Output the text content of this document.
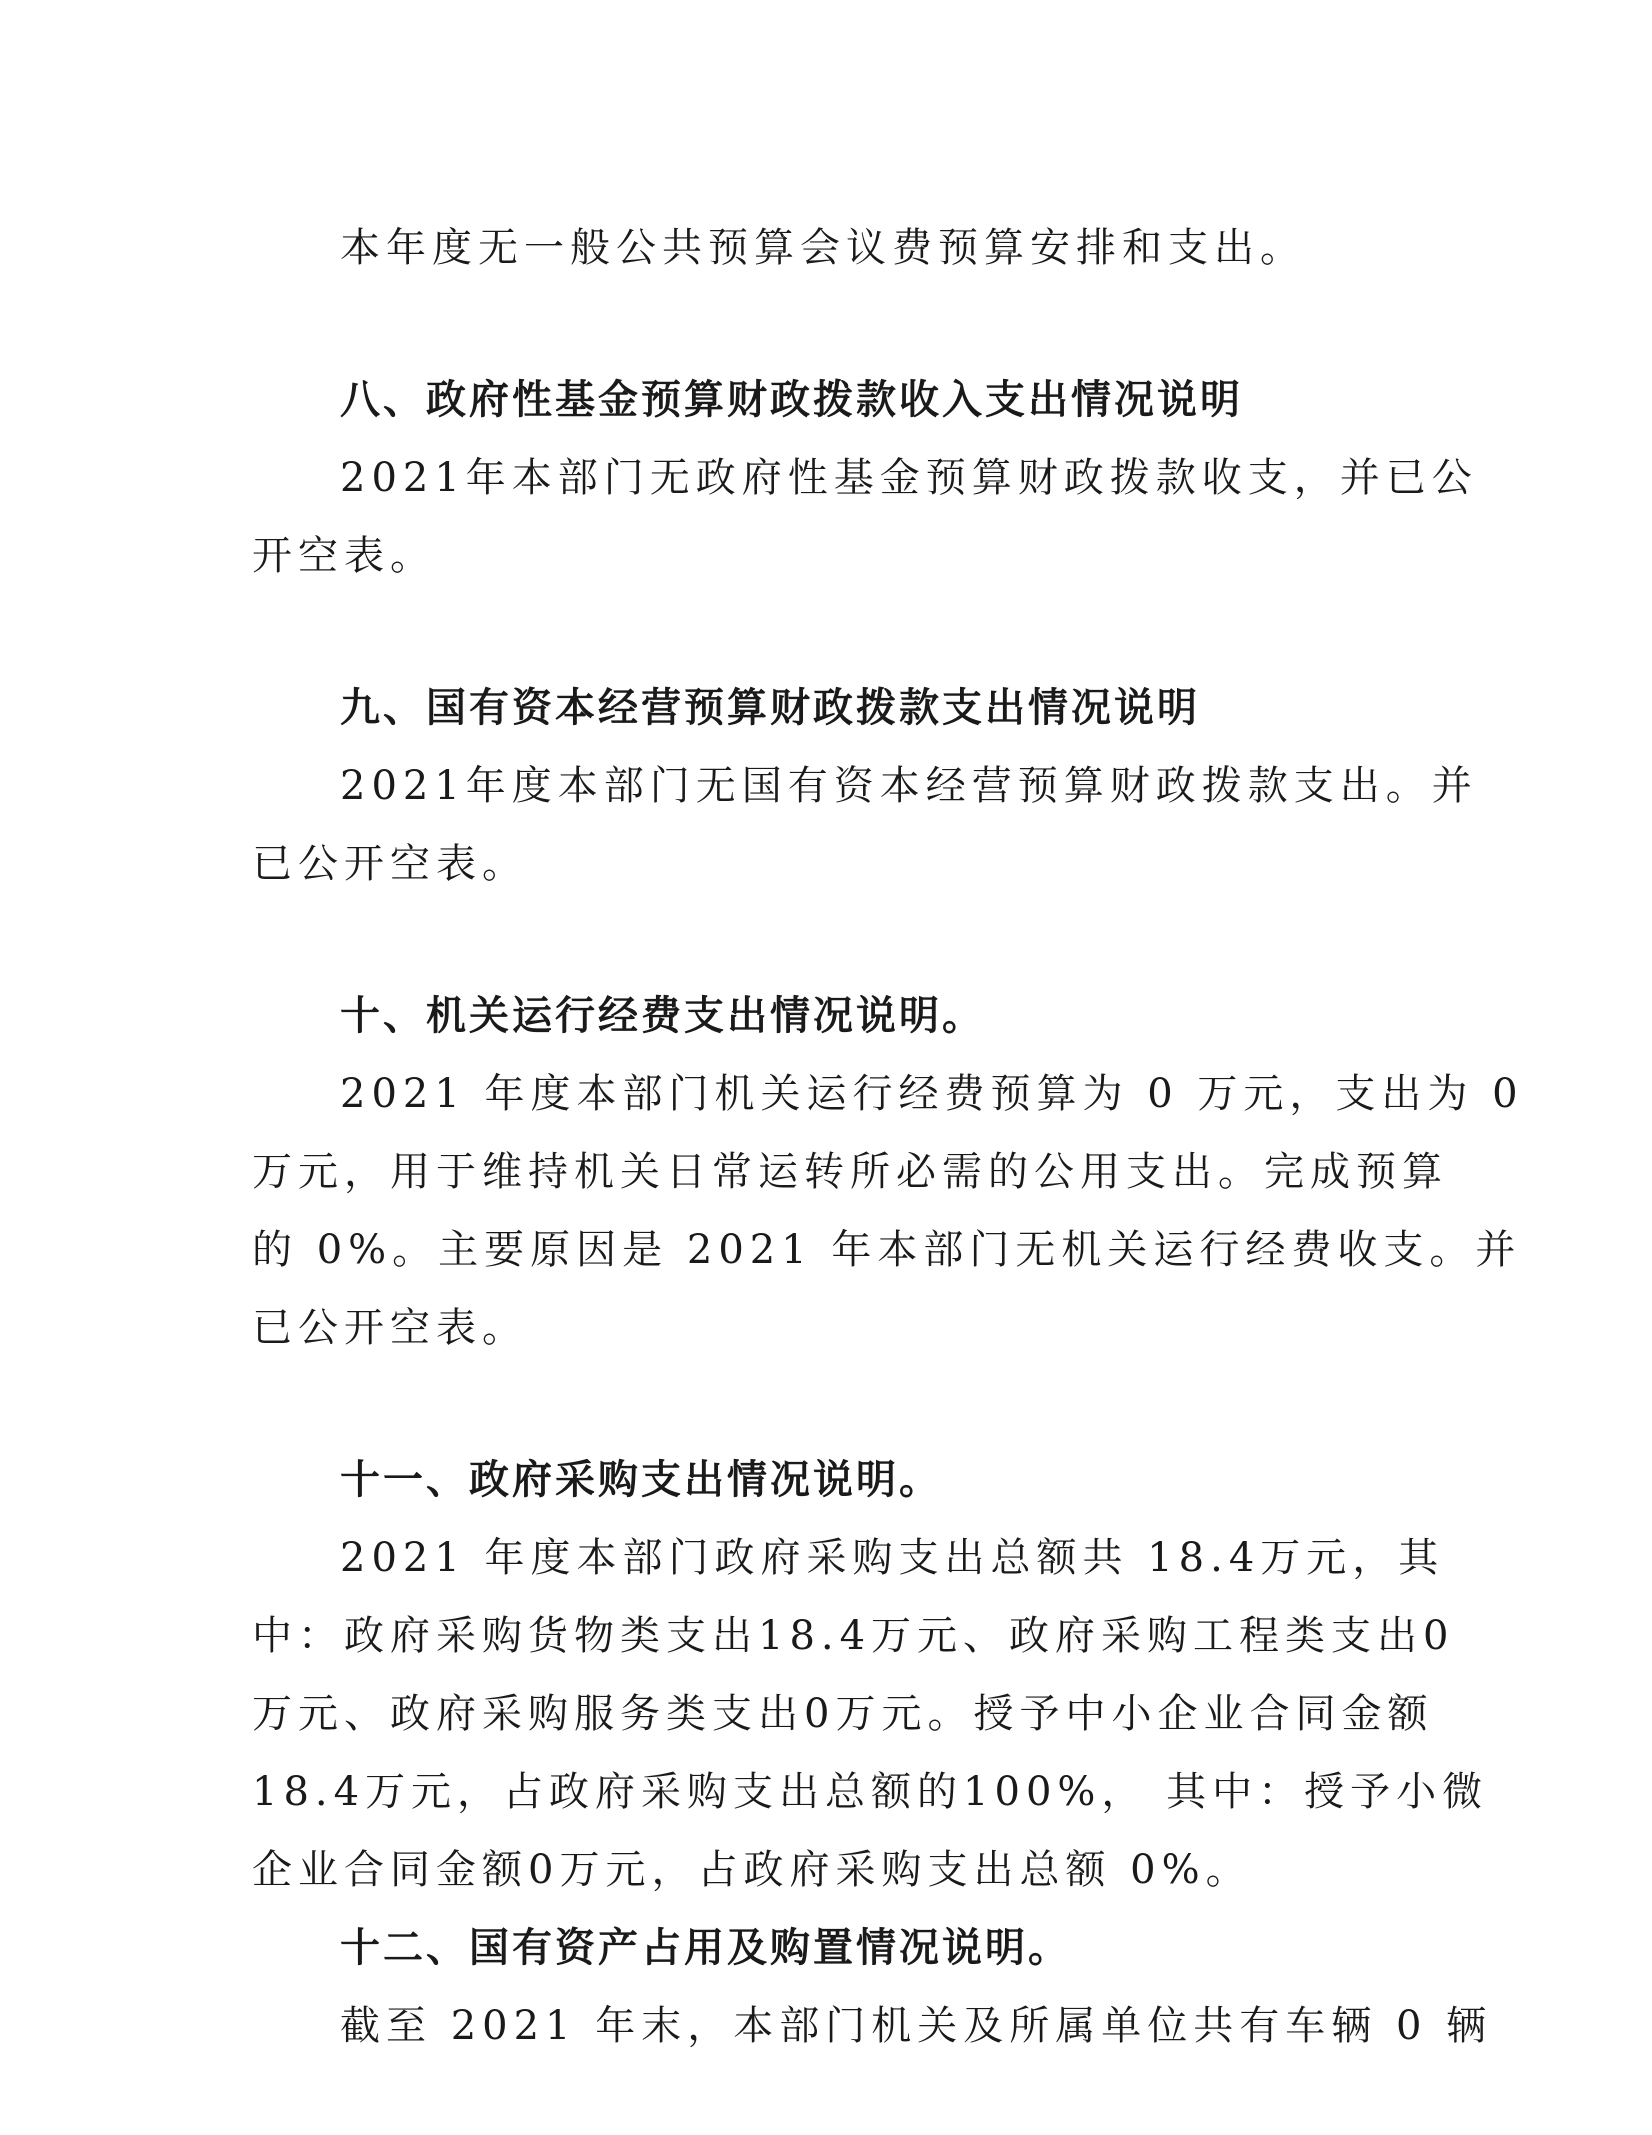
本年度无一般公共预算会议费预算安排和支出。
八、政府性基金预算财政拨款收入支出情况说明
2021年本部门无政府性基金预算财政拨款收支，并已公
开空表。
九、国有资本经营预算财政拨款支出情况说明
2021年度本部门无国有资本经营预算财政拨款支出。并
已公开空表。
十、机关运行经费支出情况说明。
2021 年度本部门机关运行经费预算为 0 万元，支出为 0
万元，用于维持机关日常运转所必需的公用支出。完成预算
的 0%。主要原因是 2021 年本部门无机关运行经费收支。并
已公开空表。
十一、政府采购支出情况说明。
2021 年度本部门政府采购支出总额共 18.4万元，其
中：政府采购货物类支出18.4万元、政府采购工程类支出0
万元、政府采购服务类支出0万元。授予中小企业合同金额
18.4万元，占政府采购支出总额的100%， 其中：授予小微
企业合同金额0万元，占政府采购支出总额 0%。
十二、国有资产占用及购置情况说明。
截至 2021 年末，本部门机关及所属单位共有车辆 0 辆
